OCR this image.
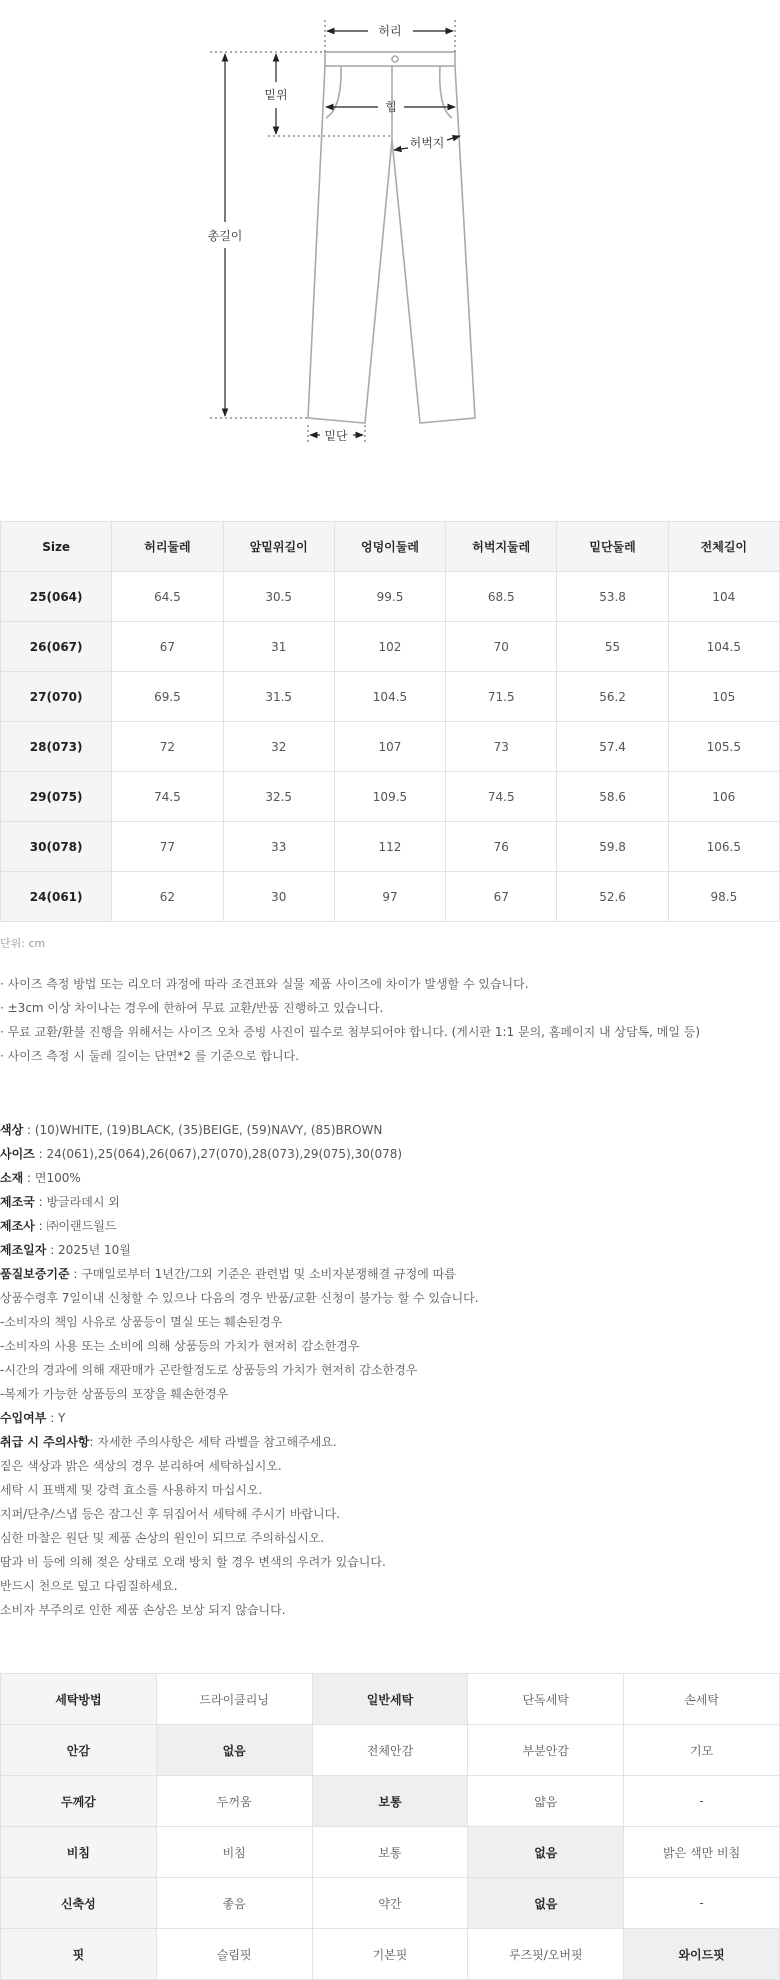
허리
밑위
총길이
힙
허벅지
밑단
Size	허리둘레	앞밑위길이	엉덩이둘레	허벅지둘레	밑단둘레	전체길이
25(064)	64.5	30.5	99.5	68.5	53.8	104
26(067)	67	31	102	70	55	104.5
27(070)	69.5	31.5	104.5	71.5	56.2	105
28(073)	72	32	107	73	57.4	105.5
29(075)	74.5	32.5	109.5	74.5	58.6	106
30(078)	77	33	112	76	59.8	106.5
24(061)	62	30	97	67	52.6	98.5
단위: cm
· 사이즈 측정 방법 또는 리오더 과정에 따라 조견표와 실물 제품 사이즈에 차이가 발생할 수 있습니다.
· ±3cm 이상 차이나는 경우에 한하여 무료 교환/반품 진행하고 있습니다.
· 무료 교환/환불 진행을 위해서는 사이즈 오차 증빙 사진이 필수로 첨부되어야 합니다. (게시판 1:1 문의, 홈페이지 내 상담톡, 메일 등)
· 사이즈 측정 시 둘레 길이는 단면*2 를 기준으로 합니다.
색상 : (10)WHITE, (19)BLACK, (35)BEIGE, (59)NAVY, (85)BROWN
사이즈 : 24(061),25(064),26(067),27(070),28(073),29(075),30(078)
소재 : 면100%
제조국 : 방글라데시 외
제조사 : ㈜이랜드월드
제조일자 : 2025년 10월
품질보증기준 : 구매일로부터 1년간/그외 기준은 관련법 및 소비자분쟁해결 규정에 따름
상품수령후 7일이내 신청할 수 있으나 다음의 경우 반품/교환 신청이 불가능 할 수 있습니다.
-소비자의 책임 사유로 상품등이 멸실 또는 훼손된경우
-소비자의 사용 또는 소비에 의해 상품등의 가치가 현저히 감소한경우
-시간의 경과에 의해 재판매가 곤란할정도로 상품등의 가치가 현저히 감소한경우
-복제가 가능한 상품등의 포장을 훼손한경우
수입여부 : Y
취급 시 주의사항: 자세한 주의사항은 세탁 라벨을 참고해주세요.
짙은 색상과 밝은 색상의 경우 분리하여 세탁하십시오.
세탁 시 표백제 및 강력 효소를 사용하지 마십시오.
지퍼/단추/스냅 등은 잠그신 후 뒤집어서 세탁해 주시기 바랍니다.
심한 마찰은 원단 및 제품 손상의 원인이 되므로 주의하십시오.
땀과 비 등에 의해 젖은 상태로 오래 방치 할 경우 변색의 우려가 있습니다.
반드시 천으로 덮고 다림질하세요.
소비자 부주의로 인한 제품 손상은 보상 되지 않습니다.
세탁방법	드라이클리닝	일반세탁	단독세탁	손세탁
안감	없음	전체안감	부분안감	기모
두께감	두꺼움	보통	얇음	-
비침	비침	보통	없음	밝은 색만 비침
신축성	좋음	약간	없음	-
핏	슬림핏	기본핏	루즈핏/오버핏	와이드핏
